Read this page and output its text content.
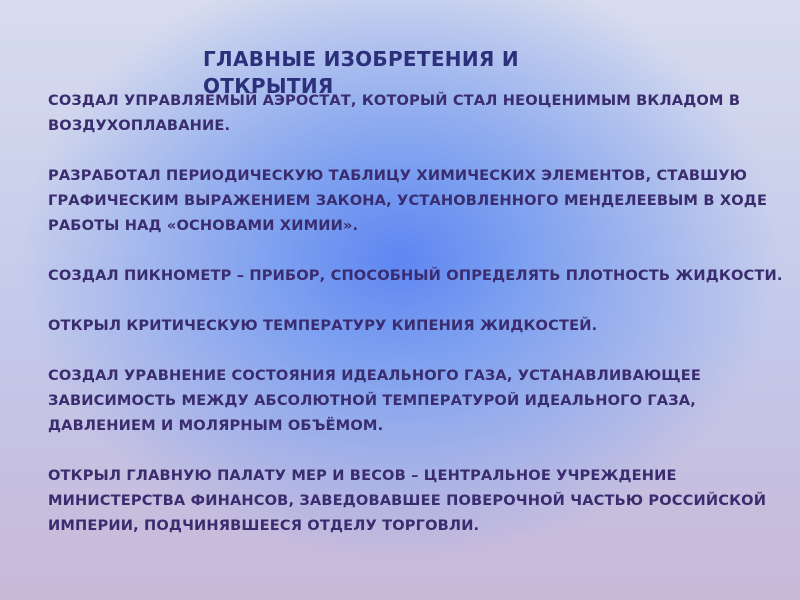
ГЛАВНЫЕ ИЗОБРЕТЕНИЯ И ОТКРЫТИЯ
СОЗДАЛ УПРАВЛЯЕМЫЙ АЭРОСТАТ, КОТОРЫЙ СТАЛ НЕОЦЕНИМЫМ ВКЛАДОМ В ВОЗДУХОПЛАВАНИЕ.
РАЗРАБОТАЛ ПЕРИОДИЧЕСКУЮ ТАБЛИЦУ ХИМИЧЕСКИХ ЭЛЕМЕНТОВ, СТАВШУЮ ГРАФИЧЕСКИМ ВЫРАЖЕНИЕМ ЗАКОНА, УСТАНОВЛЕННОГО МЕНДЕЛЕЕВЫМ В ХОДЕ РАБОТЫ НАД «ОСНОВАМИ ХИМИИ».
СОЗДАЛ ПИКНОМЕТР – ПРИБОР, СПОСОБНЫЙ ОПРЕДЕЛЯТЬ ПЛОТНОСТЬ ЖИДКОСТИ.
ОТКРЫЛ КРИТИЧЕСКУЮ ТЕМПЕРАТУРУ КИПЕНИЯ ЖИДКОСТЕЙ.
СОЗДАЛ УРАВНЕНИЕ СОСТОЯНИЯ ИДЕАЛЬНОГО ГАЗА, УСТАНАВЛИВАЮЩЕЕ ЗАВИСИМОСТЬ МЕЖДУ АБСОЛЮТНОЙ ТЕМПЕРАТУРОЙ ИДЕАЛЬНОГО ГАЗА, ДАВЛЕНИЕМ И МОЛЯРНЫМ ОБЪЁМОМ.
ОТКРЫЛ ГЛАВНУЮ ПАЛАТУ МЕР И ВЕСОВ – ЦЕНТРАЛЬНОЕ УЧРЕЖДЕНИЕ МИНИСТЕРСТВА ФИНАНСОВ, ЗАВЕДОВАВШЕЕ ПОВЕРОЧНОЙ ЧАСТЬЮ РОССИЙСКОЙ ИМПЕРИИ, ПОДЧИНЯВШЕЕСЯ ОТДЕЛУ ТОРГОВЛИ.
